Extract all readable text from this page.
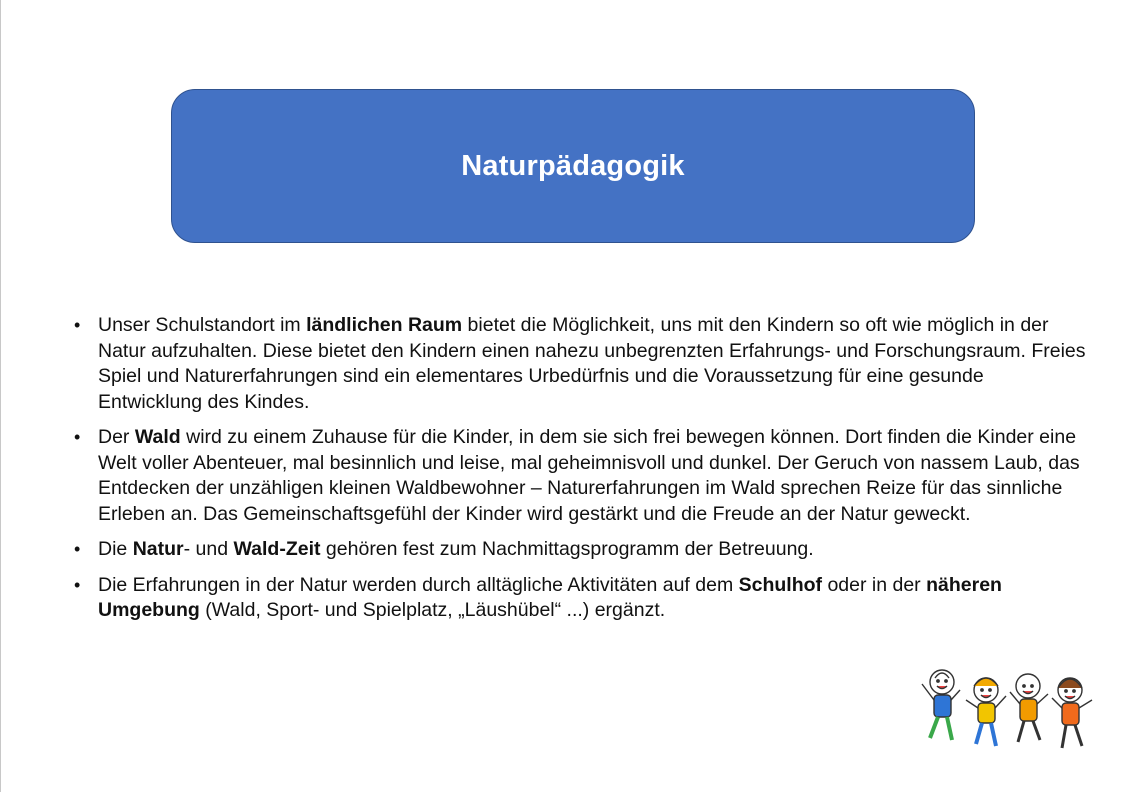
Naturpädagogik
• Unser Schulstandort im ländlichen Raum bietet die Möglichkeit, uns mit den Kindern so oft wie möglich in der Natur aufzuhalten. Diese bietet den Kindern einen nahezu unbegrenzten Erfahrungs- und Forschungsraum. Freies Spiel und Naturerfahrungen sind ein elementares Urbedürfnis und die Voraussetzung für eine gesunde Entwicklung des Kindes.
• Der Wald wird zu einem Zuhause für die Kinder, in dem sie sich frei bewegen können. Dort finden die Kinder eine Welt voller Abenteuer, mal besinnlich und leise, mal geheimnisvoll und dunkel. Der Geruch von nassem Laub, das Entdecken der unzähligen kleinen Waldbewohner – Naturerfahrungen im Wald sprechen Reize für das sinnliche Erleben an. Das Gemeinschaftsgefühl der Kinder wird gestärkt und die Freude an der Natur geweckt.
• Die Natur- und Wald-Zeit gehören fest zum Nachmittagsprogramm der Betreuung.
• Die Erfahrungen in der Natur werden durch alltägliche Aktivitäten auf dem Schulhof oder in der näheren Umgebung (Wald, Sport- und Spielplatz, „Läushübel“ ...) ergänzt.
